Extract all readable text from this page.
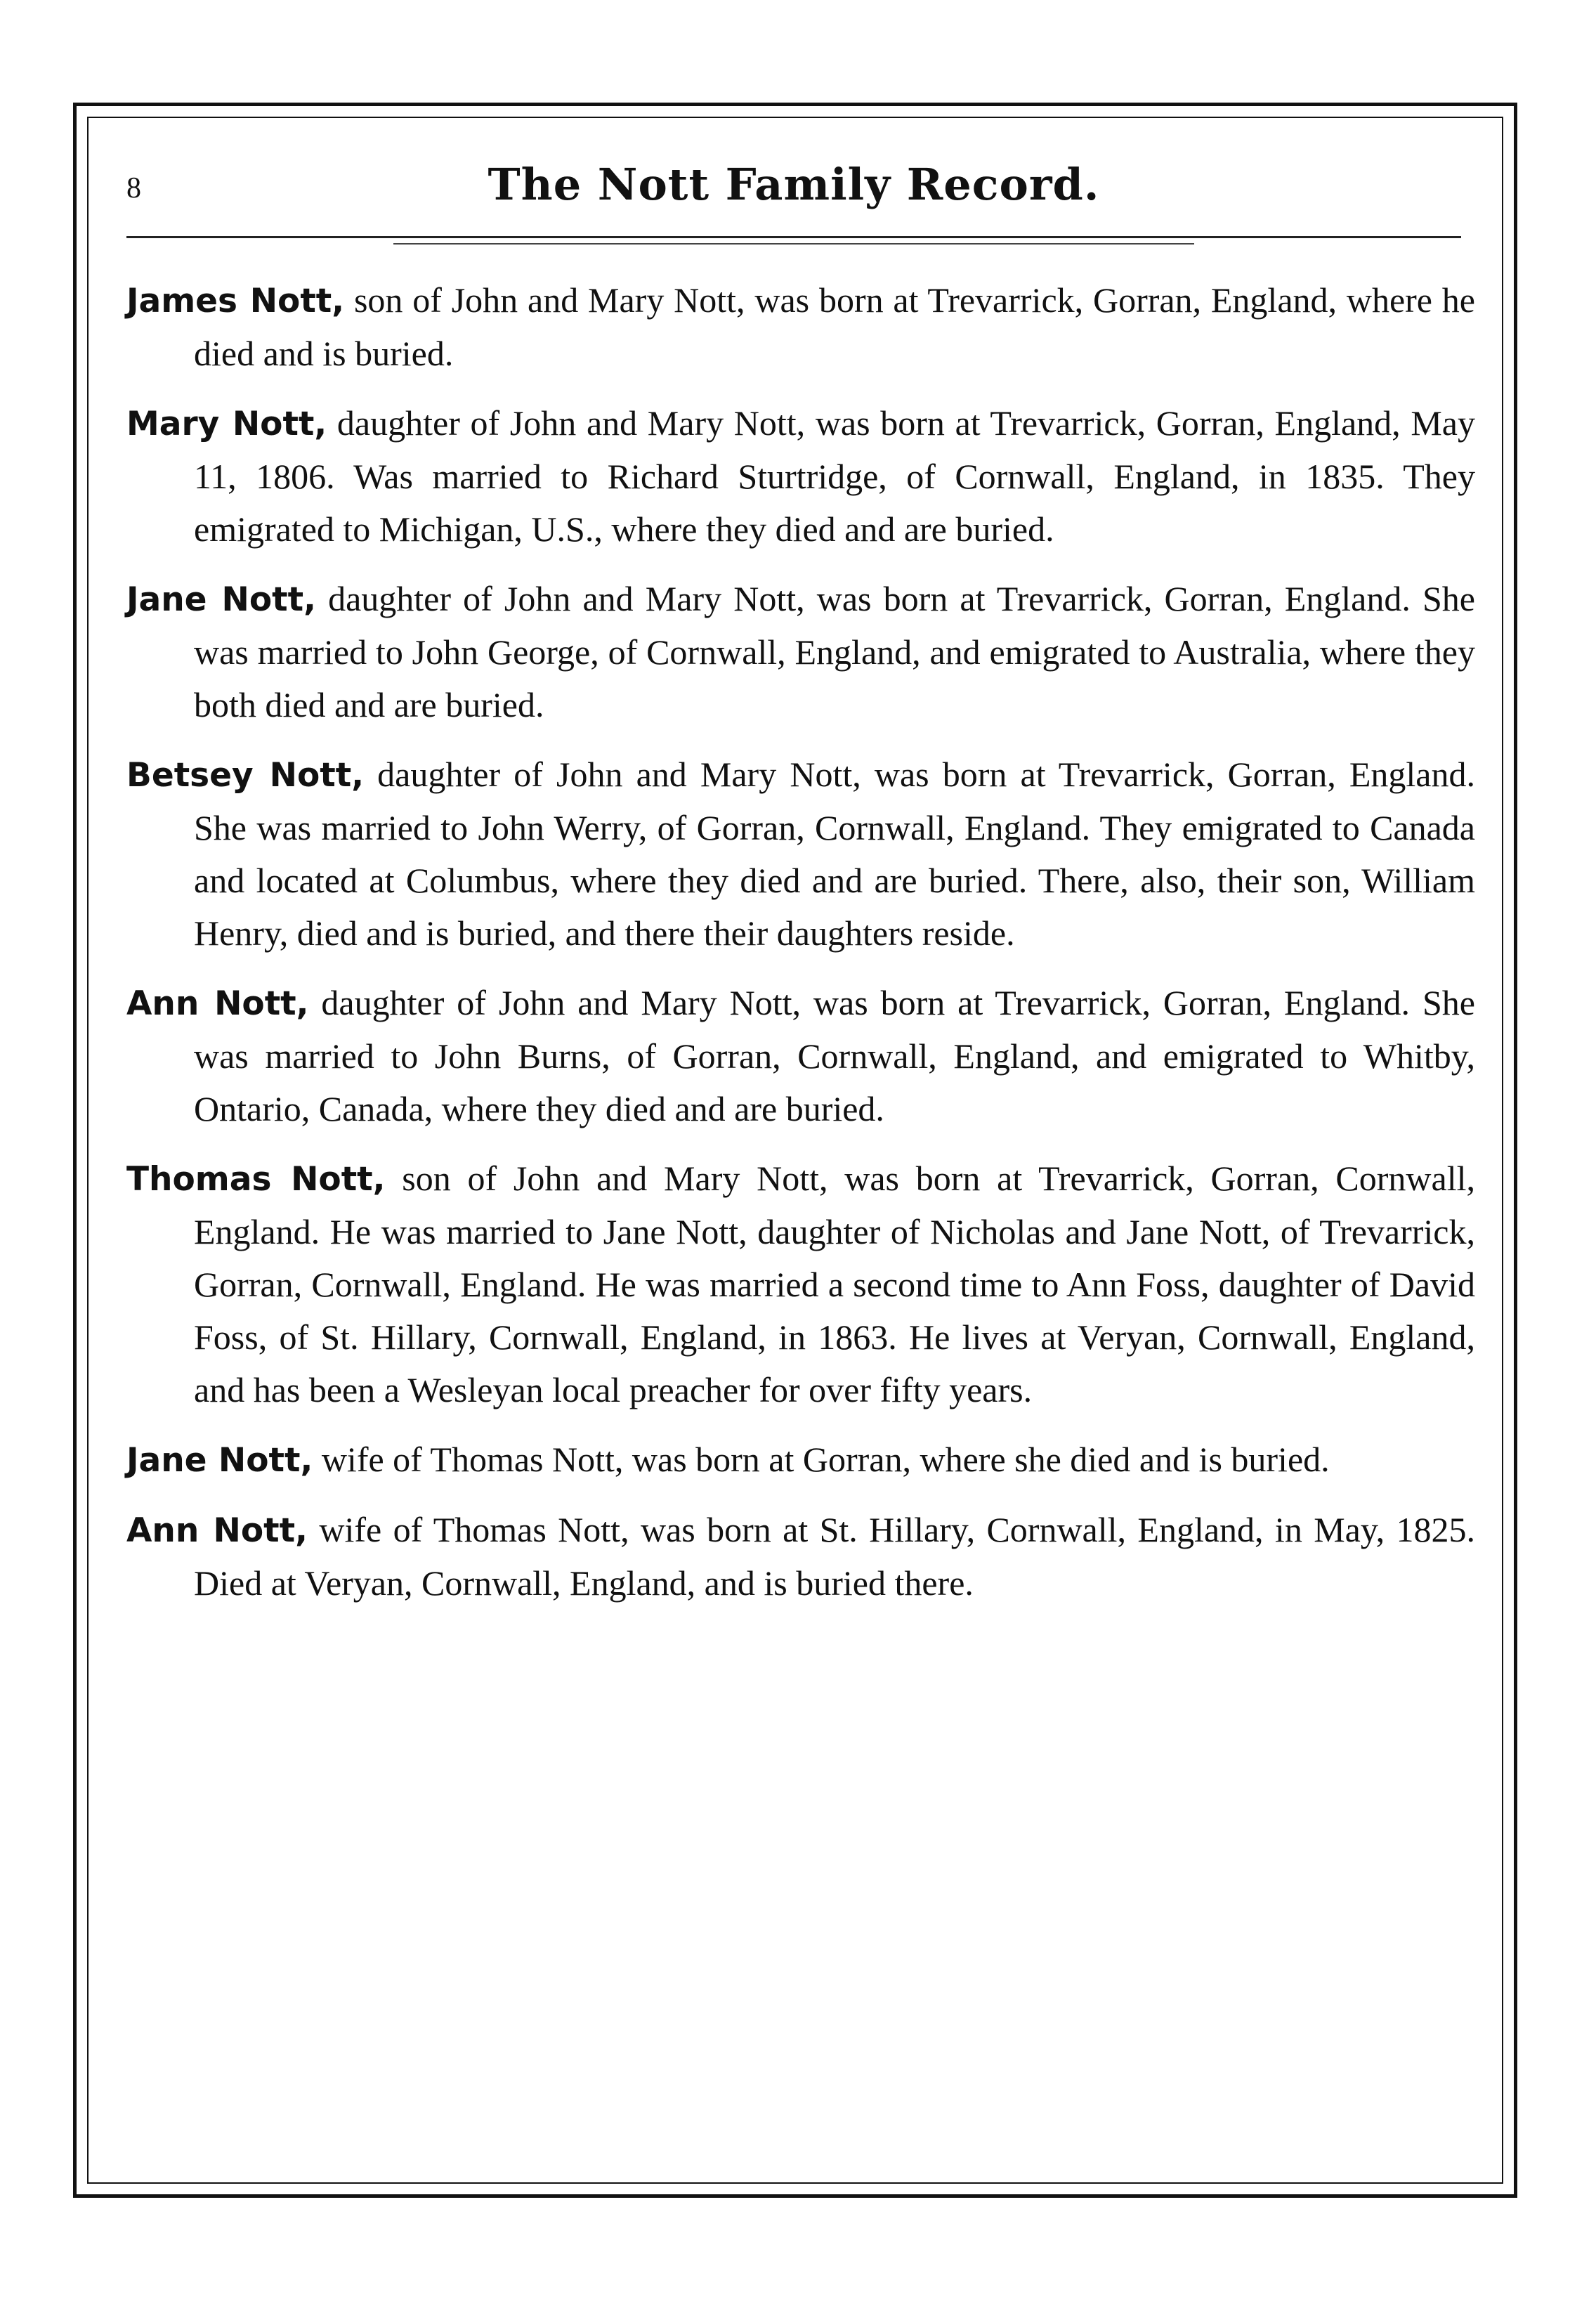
8	The Nott Family Record.

James Nott, son of John and Mary Nott, was born at Trevarrick, Gorran, England, where he died and is buried.

Mary Nott, daughter of John and Mary Nott, was born at Trevarrick, Gorran, England, May 11, 1806. Was married to Richard Sturtridge, of Cornwall, England, in 1835. They emigrated to Michigan, U.S., where they died and are buried.

Jane Nott, daughter of John and Mary Nott, was born at Trevarrick, Gorran, England. She was married to John George, of Cornwall, England, and emigrated to Australia, where they both died and are buried.

Betsey Nott, daughter of John and Mary Nott, was born at Trevarrick, Gorran, England. She was married to John Werry, of Gorran, Cornwall, England. They emigrated to Canada and located at Columbus, where they died and are buried. There, also, their son, William Henry, died and is buried, and there their daughters reside.

Ann Nott, daughter of John and Mary Nott, was born at Trevarrick, Gorran, England. She was married to John Burns, of Gorran, Cornwall, England, and emigrated to Whitby, Ontario, Canada, where they died and are buried.

Thomas Nott, son of John and Mary Nott, was born at Trevarrick, Gorran, Cornwall, England. He was married to Jane Nott, daughter of Nicholas and Jane Nott, of Trevarrick, Gorran, Cornwall, England. He was married a second time to Ann Foss, daughter of David Foss, of St. Hillary, Cornwall, England, in 1863. He lives at Veryan, Cornwall, England, and has been a Wesleyan local preacher for over fifty years.

Jane Nott, wife of Thomas Nott, was born at Gorran, where she died and is buried.

Ann Nott, wife of Thomas Nott, was born at St. Hillary, Cornwall, England, in May, 1825. Died at Veryan, Cornwall, England, and is buried there.
